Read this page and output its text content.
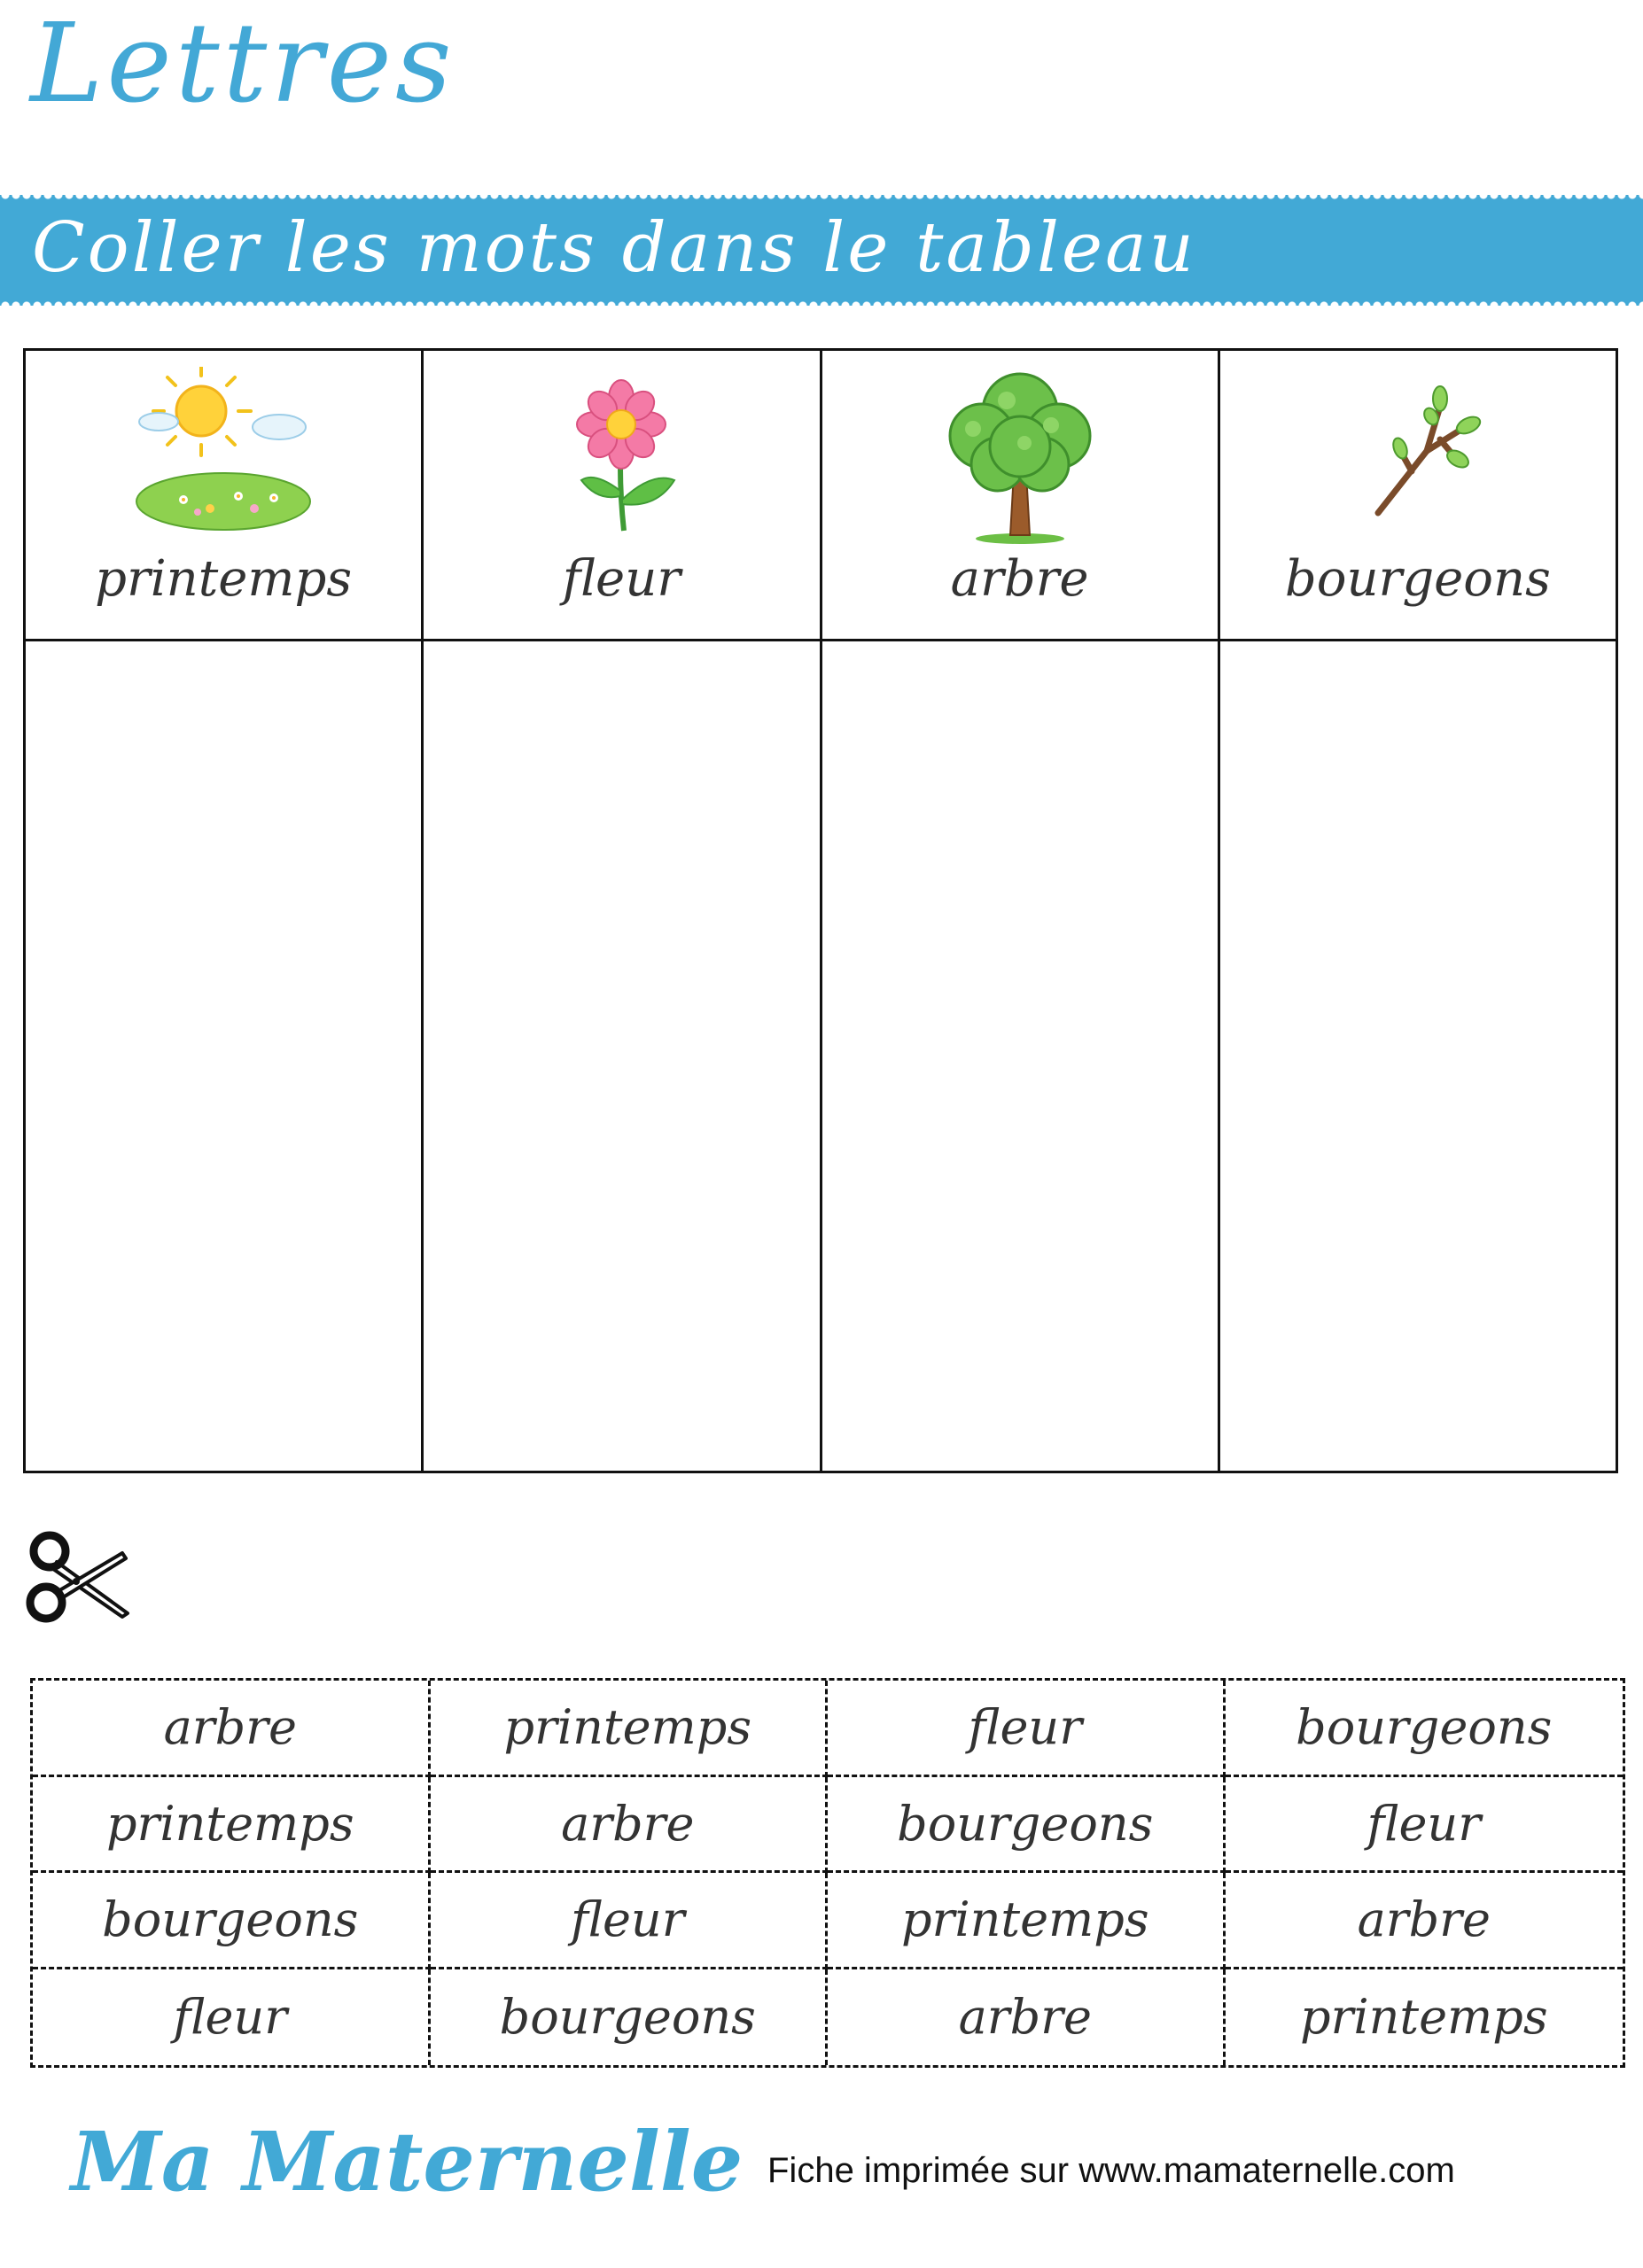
Lettres
Coller les mots dans le tableau
printemps	fleur	arbre	bourgeons
arbre	printemps	fleur	bourgeons
printemps	arbre	bourgeons	fleur
bourgeons	fleur	printemps	arbre
fleur	bourgeons	arbre	printemps
Ma Maternelle Fiche imprimée sur www.mamaternelle.com
